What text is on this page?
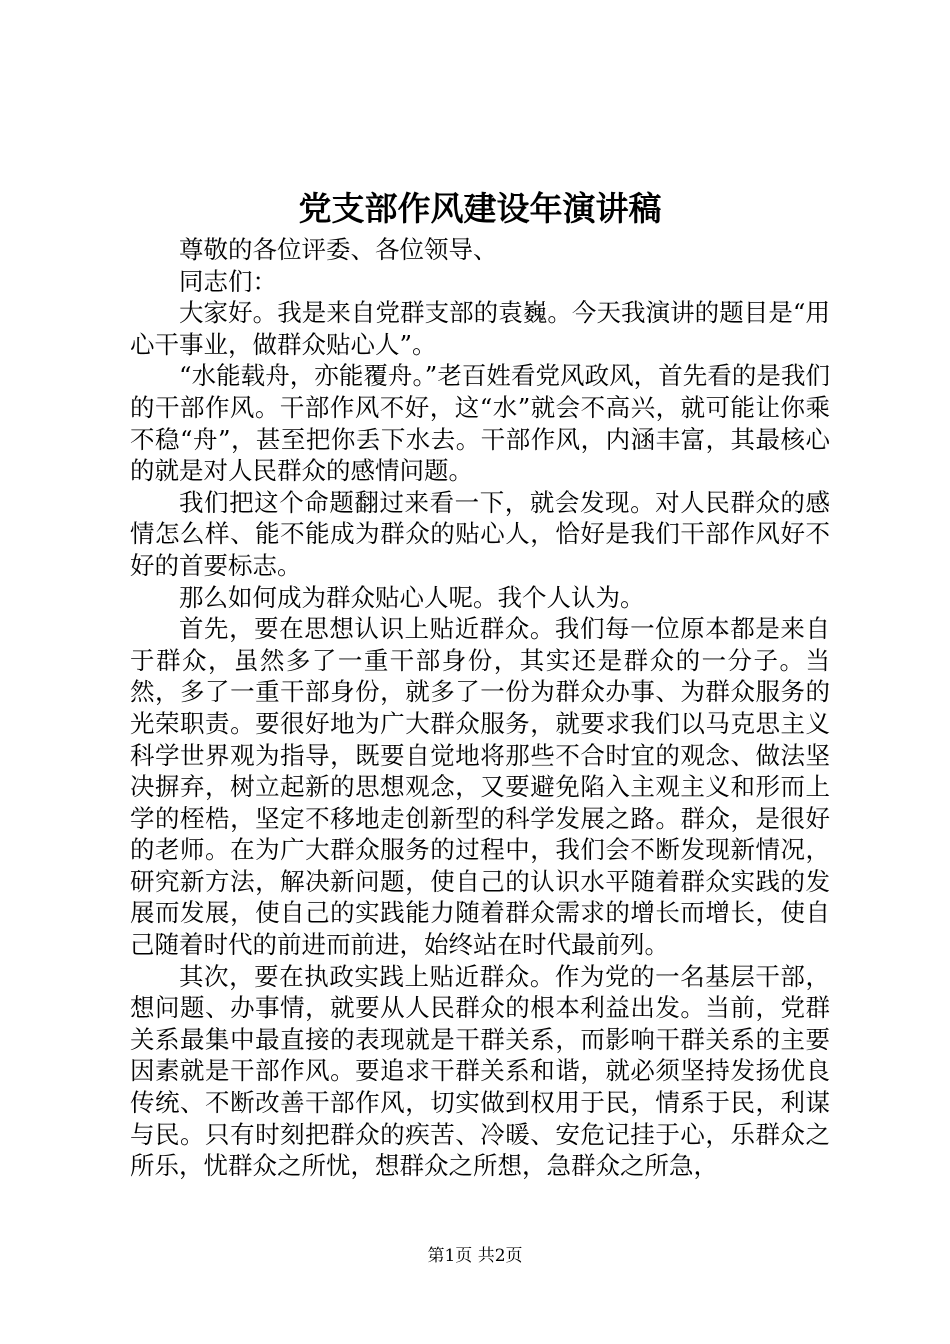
党支部作风建设年演讲稿

尊敬的各位评委、各位领导、

同志们：

大家好。我是来自党群支部的袁巍。今天我演讲的题目是“用心干事业，做群众贴心人”。

“水能载舟，亦能覆舟。”老百姓看党风政风，首先看的是我们的干部作风。干部作风不好，这“水”就会不高兴，就可能让你乘不稳“舟”，甚至把你丢下水去。干部作风，内涵丰富，其最核心的就是对人民群众的感情问题。

我们把这个命题翻过来看一下，就会发现。对人民群众的感情怎么样、能不能成为群众的贴心人，恰好是我们干部作风好不好的首要标志。

那么如何成为群众贴心人呢。我个人认为。

首先，要在思想认识上贴近群众。我们每一位原本都是来自于群众，虽然多了一重干部身份，其实还是群众的一分子。当然，多了一重干部身份，就多了一份为群众办事、为群众服务的光荣职责。要很好地为广大群众服务，就要求我们以马克思主义科学世界观为指导，既要自觉地将那些不合时宜的观念、做法坚决摒弃，树立起新的思想观念，又要避免陷入主观主义和形而上学的桎梏，坚定不移地走创新型的科学发展之路。群众，是很好的老师。在为广大群众服务的过程中，我们会不断发现新情况，研究新方法，解决新问题，使自己的认识水平随着群众实践的发展而发展，使自己的实践能力随着群众需求的增长而增长，使自己随着时代的前进而前进，始终站在时代最前列。

其次，要在执政实践上贴近群众。作为党的一名基层干部，想问题、办事情，就要从人民群众的根本利益出发。当前，党群关系最集中最直接的表现就是干群关系，而影响干群关系的主要因素就是干部作风。要追求干群关系和谐，就必须坚持发扬优良传统、不断改善干部作风，切实做到权用于民，情系于民，利谋与民。只有时刻把群众的疾苦、冷暖、安危记挂于心，乐群众之所乐，忧群众之所忧，想群众之所想，急群众之所急，

第1页 共2页
